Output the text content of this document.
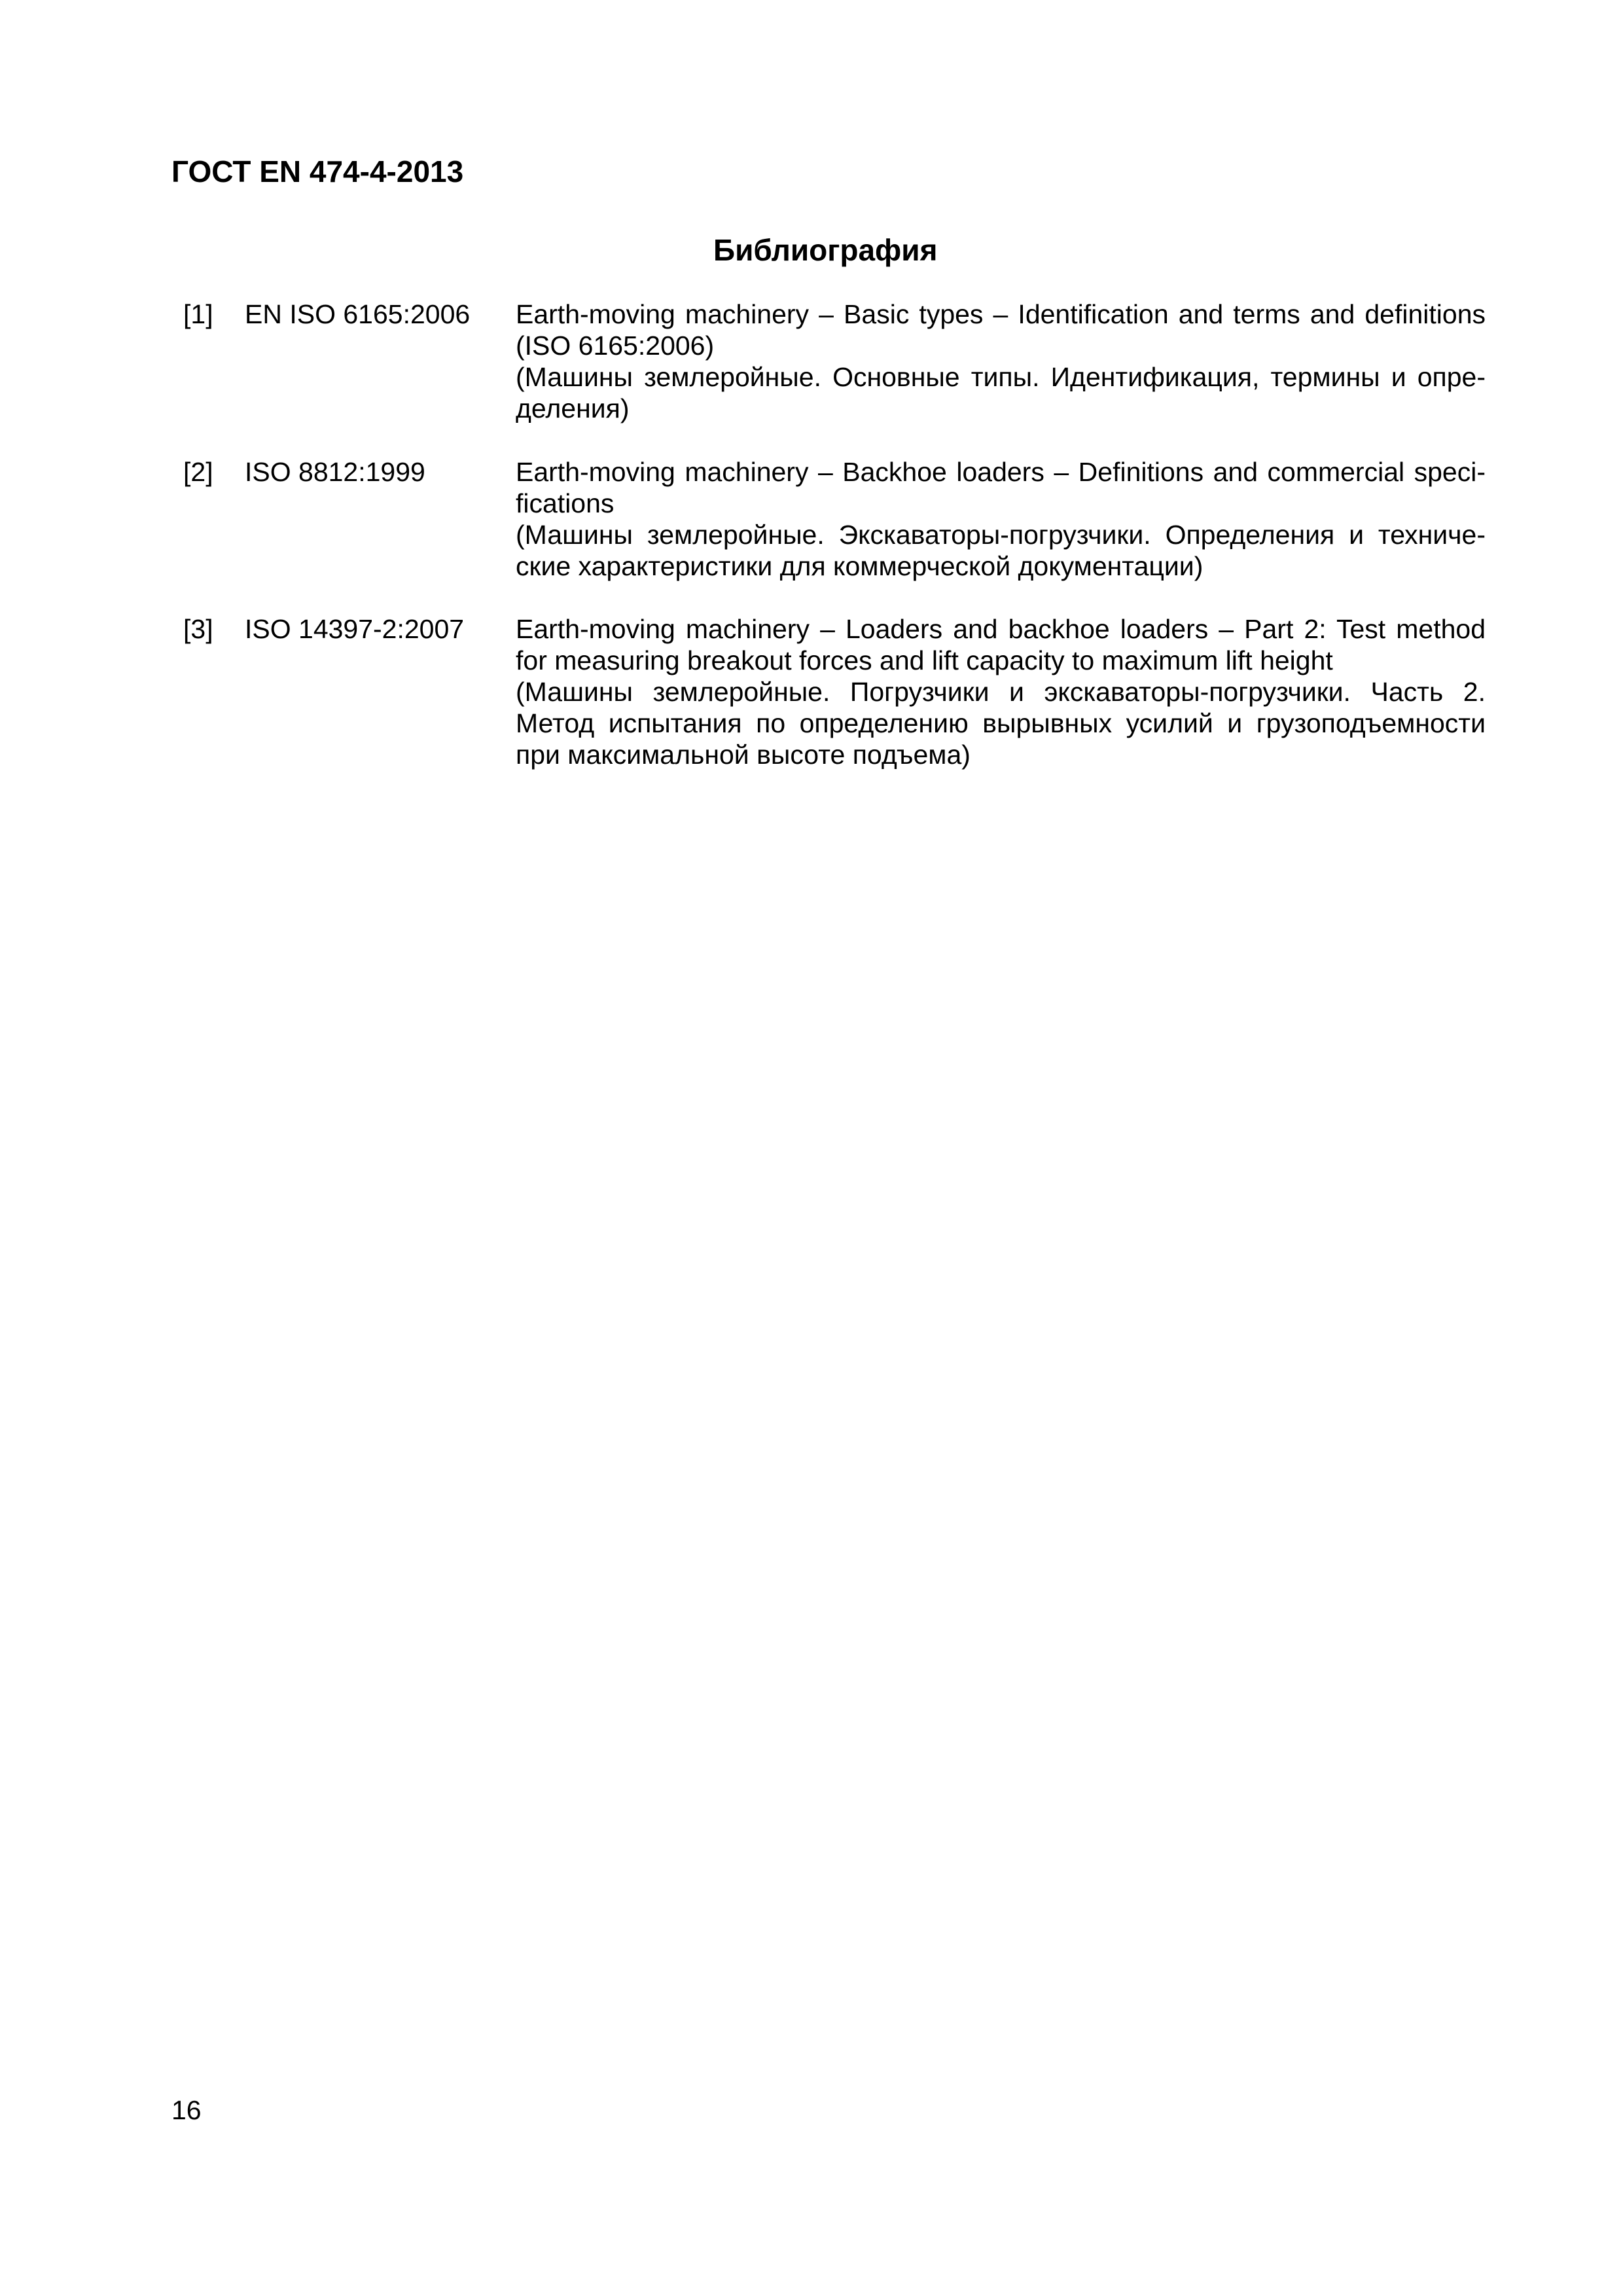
ГОСТ EN 474-4-2013
Библиография
[1] EN ISO 6165:2006 Earth-moving machinery – Basic types – Identification and terms and definitions
(ISO 6165:2006)
(Машины землеройные. Основные типы. Идентификация, термины и опре-
деления)
[2] ISO 8812:1999	Earth-moving machinery – Backhoe loaders – Definitions and commercial speci-
fications
(Машины землеройные. Экскаваторы-погрузчики. Определения и техниче-
ские характеристики для коммерческой документации)
[3] ISO 14397-2:2007 Earth-moving machinery – Loaders and backhoe loaders – Part 2: Test method
for measuring breakout forces and lift capacity to maximum lift height
(Машины землеройные. Погрузчики и экскаваторы-погрузчики. Часть 2.
Метод испытания по определению вырывных усилий и грузоподъемности
при максимальной высоте подъема)
16
